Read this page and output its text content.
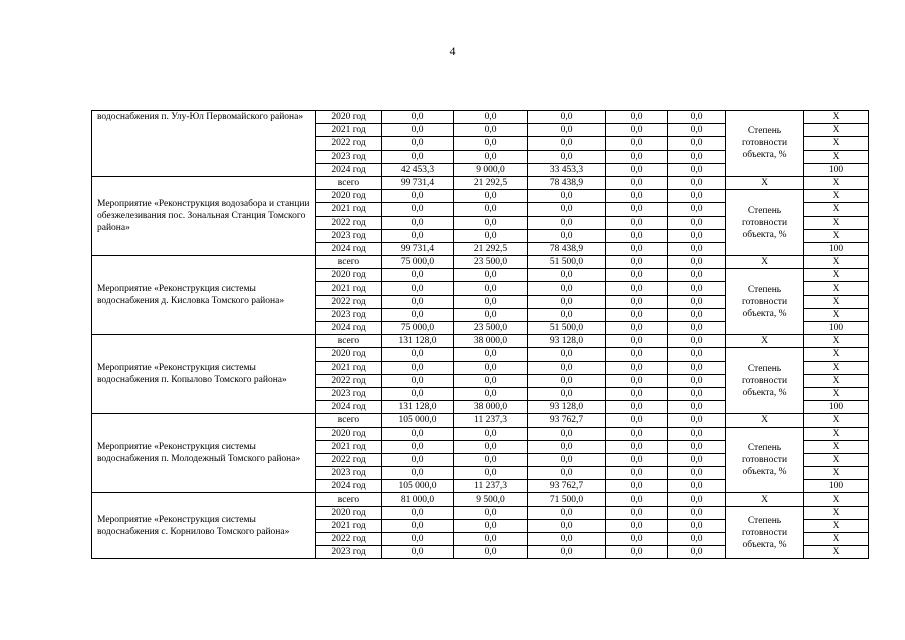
4
водоснабжения п. Улу-Юл Первомайского района»	2020 год	0,0	0,0	0,0	0,0	0,0	Степень готовности объекта, %	Х
	2021 год	0,0	0,0	0,0	0,0	0,0		Х
	2022 год	0,0	0,0	0,0	0,0	0,0		Х
	2023 год	0,0	0,0	0,0	0,0	0,0		Х
	2024 год	42 453,3	9 000,0	33 453,3	0,0	0,0		100
Мероприятие «Реконструкция водозабора и станции обезжелезивания пос. Зональная Станция Томского района»	всего	99 731,4	21 292,5	78 438,9	0,0	0,0	Х	Х
	2020 год	0,0	0,0	0,0	0,0	0,0	Степень готовности объекта, %	Х
	2021 год	0,0	0,0	0,0	0,0	0,0		Х
	2022 год	0,0	0,0	0,0	0,0	0,0		Х
	2023 год	0,0	0,0	0,0	0,0	0,0		Х
	2024 год	99 731,4	21 292,5	78 438,9	0,0	0,0		100
Мероприятие «Реконструкция системы водоснабжения д. Кисловка Томского района»	всего	75 000,0	23 500,0	51 500,0	0,0	0,0	Х	Х
	2020 год	0,0	0,0	0,0	0,0	0,0	Степень готовности объекта, %	Х
	2021 год	0,0	0,0	0,0	0,0	0,0		Х
	2022 год	0,0	0,0	0,0	0,0	0,0		Х
	2023 год	0,0	0,0	0,0	0,0	0,0		Х
	2024 год	75 000,0	23 500,0	51 500,0	0,0	0,0		100
Мероприятие «Реконструкция системы водоснабжения п. Копылово Томского района»	всего	131 128,0	38 000,0	93 128,0	0,0	0,0	Х	Х
	2020 год	0,0	0,0	0,0	0,0	0,0	Степень готовности объекта, %	Х
	2021 год	0,0	0,0	0,0	0,0	0,0		Х
	2022 год	0,0	0,0	0,0	0,0	0,0		Х
	2023 год	0,0	0,0	0,0	0,0	0,0		Х
	2024 год	131 128,0	38 000,0	93 128,0	0,0	0,0		100
Мероприятие «Реконструкция системы водоснабжения п. Молодежный Томского района»	всего	105 000,0	11 237,3	93 762,7	0,0	0,0	Х	Х
	2020 год	0,0	0,0	0,0	0,0	0,0	Степень готовности объекта, %	Х
	2021 год	0,0	0,0	0,0	0,0	0,0		Х
	2022 год	0,0	0,0	0,0	0,0	0,0		Х
	2023 год	0,0	0,0	0,0	0,0	0,0		Х
	2024 год	105 000,0	11 237,3	93 762,7	0,0	0,0		100
Мероприятие «Реконструкция системы водоснабжения с. Корнилово Томского района»	всего	81 000,0	9 500,0	71 500,0	0,0	0,0	Х	Х
	2020 год	0,0	0,0	0,0	0,0	0,0	Степень готовности объекта, %	Х
	2021 год	0,0	0,0	0,0	0,0	0,0		Х
	2022 год	0,0	0,0	0,0	0,0	0,0		Х
	2023 год	0,0	0,0	0,0	0,0	0,0		Х
